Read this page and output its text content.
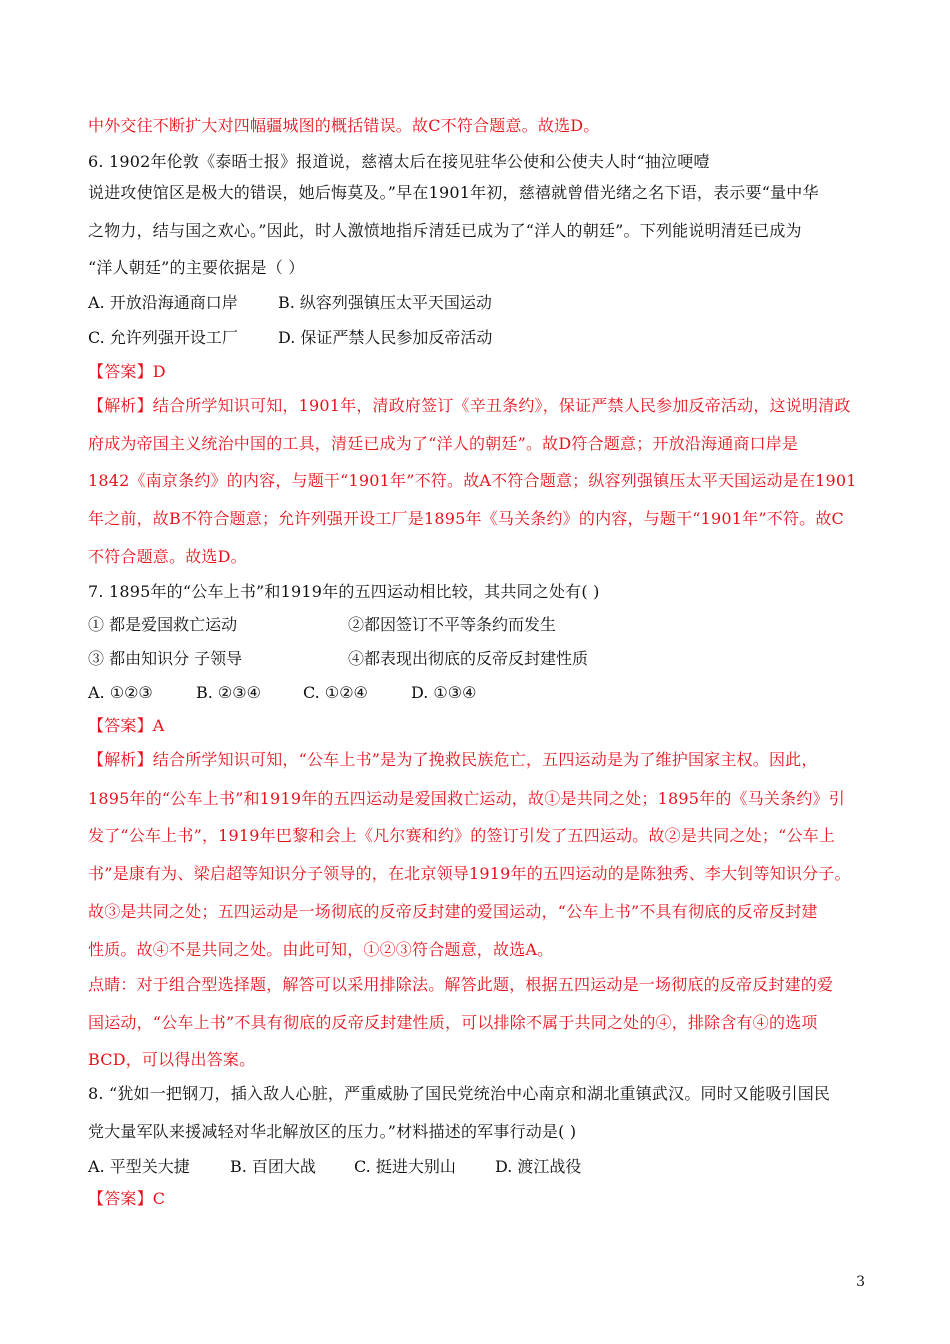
中外交往不断扩大对四幅疆城图的概括错误。故C不符合题意。故选D。
6. 1902年伦敦《泰晤士报》报道说，慈禧太后在接见驻华公使和公使夫人时“抽泣哽噎
说进攻使馆区是极大的错误，她后悔莫及。”早在1901年初，慈禧就曾借光绪之名下语，表示要“量中华
之物力，结与国之欢心。”因此，时人激愤地指斥清廷已成为了“洋人的朝廷”。下列能说明清廷已成为
“洋人朝廷”的主要依据是（ ）
A. 开放沿海通商口岸	B. 纵容列强镇压太平天国运动
C. 允许列强开设工厂	D. 保证严禁人民参加反帝活动
【答案】D
【解析】结合所学知识可知，1901年，清政府签订《辛丑条约》，保证严禁人民参加反帝活动，这说明清政
府成为帝国主义统治中国的工具，清廷已成为了“洋人的朝廷”。故D符合题意；开放沿海通商口岸是
1842《南京条约》的内容，与题干“1901年”不符。故A不符合题意；纵容列强镇压太平天国运动是在1901
年之前，故B不符合题意；允许列强开设工厂是1895年《马关条约》的内容，与题干“1901年”不符。故C
不符合题意。故选D。
7. 1895年的“公车上书”和1919年的五四运动相比较，其共同之处有( )
① 都是爱国救亡运动	②都因签订不平等条约而发生
③ 都由知识分 子领导	④都表现出彻底的反帝反封建性质
A. ①②③	B. ②③④	C. ①②④	D. ①③④
【答案】A
【解析】结合所学知识可知，“公车上书”是为了挽救民族危亡，五四运动是为了维护国家主权。因此，
1895年的“公车上书”和1919年的五四运动是爱国救亡运动，故①是共同之处；1895年的《马关条约》引
发了“公车上书”，1919年巴黎和会上《凡尔赛和约》的签订引发了五四运动。故②是共同之处；“公车上
书”是康有为、梁启超等知识分子领导的，在北京领导1919年的五四运动的是陈独秀、李大钊等知识分子。
故③是共同之处；五四运动是一场彻底的反帝反封建的爱国运动，“公车上书”不具有彻底的反帝反封建
性质。故④不是共同之处。由此可知，①②③符合题意，故选A。
点睛：对于组合型选择题，解答可以采用排除法。解答此题，根据五四运动是一场彻底的反帝反封建的爱
国运动，“公车上书”不具有彻底的反帝反封建性质，可以排除不属于共同之处的④，排除含有④的选项
BCD，可以得出答案。
8. “犹如一把钢刀，插入敌人心脏，严重威胁了国民党统治中心南京和湖北重镇武汉。同时又能吸引国民
党大量军队来援减轻对华北解放区的压力。”材料描述的军事行动是( )
A. 平型关大捷	B. 百团大战 C. 挺进大别山 D. 渡江战役
【答案】C
3
